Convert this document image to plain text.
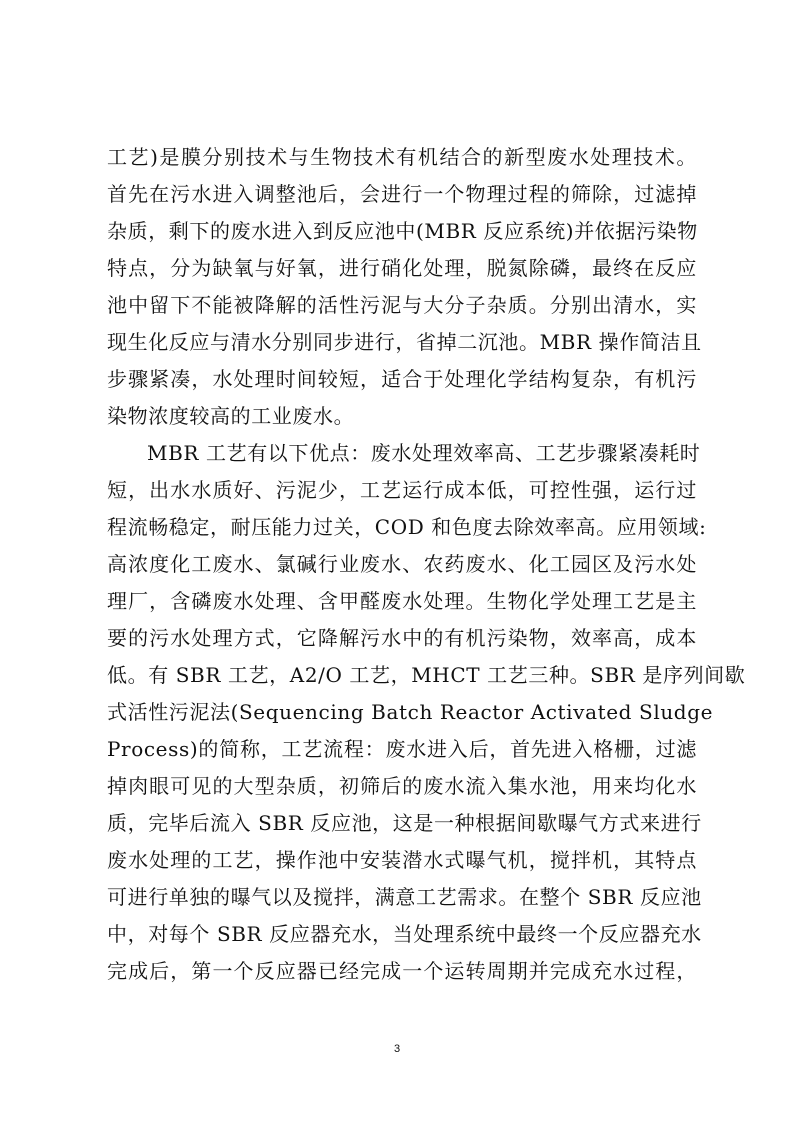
工艺)是膜分别技术与生物技术有机结合的新型废水处理技术。
首先在污水进入调整池后，会进行一个物理过程的筛除，过滤掉
杂质，剩下的废水进入到反应池中(MBR 反应系统)并依据污染物
特点，分为缺氧与好氧，进行硝化处理，脱氮除磷，最终在反应
池中留下不能被降解的活性污泥与大分子杂质。分别出清水，实
现生化反应与清水分别同步进行，省掉二沉池。MBR 操作简洁且
步骤紧凑，水处理时间较短，适合于处理化学结构复杂，有机污
染物浓度较高的工业废水。
MBR 工艺有以下优点：废水处理效率高、工艺步骤紧凑耗时
短，出水水质好、污泥少，工艺运行成本低，可控性强，运行过
程流畅稳定，耐压能力过关，COD 和色度去除效率高。应用领域:
高浓度化工废水、氯碱行业废水、农药废水、化工园区及污水处
理厂，含磷废水处理、含甲醛废水处理。生物化学处理工艺是主
要的污水处理方式，它降解污水中的有机污染物，效率高，成本
低。有 SBR 工艺，A2/O 工艺，MHCT 工艺三种。SBR 是序列间歇
式活性污泥法(Sequencing Batch Reactor Activated Sludge
Process)的简称，工艺流程：废水进入后，首先进入格栅，过滤
掉肉眼可见的大型杂质，初筛后的废水流入集水池，用来均化水
质，完毕后流入 SBR 反应池，这是一种根据间歇曝气方式来进行
废水处理的工艺，操作池中安装潜水式曝气机，搅拌机，其特点
可进行单独的曝气以及搅拌，满意工艺需求。在整个 SBR 反应池
中，对每个 SBR 反应器充水，当处理系统中最终一个反应器充水
完成后，第一个反应器已经完成一个运转周期并完成充水过程，
3
